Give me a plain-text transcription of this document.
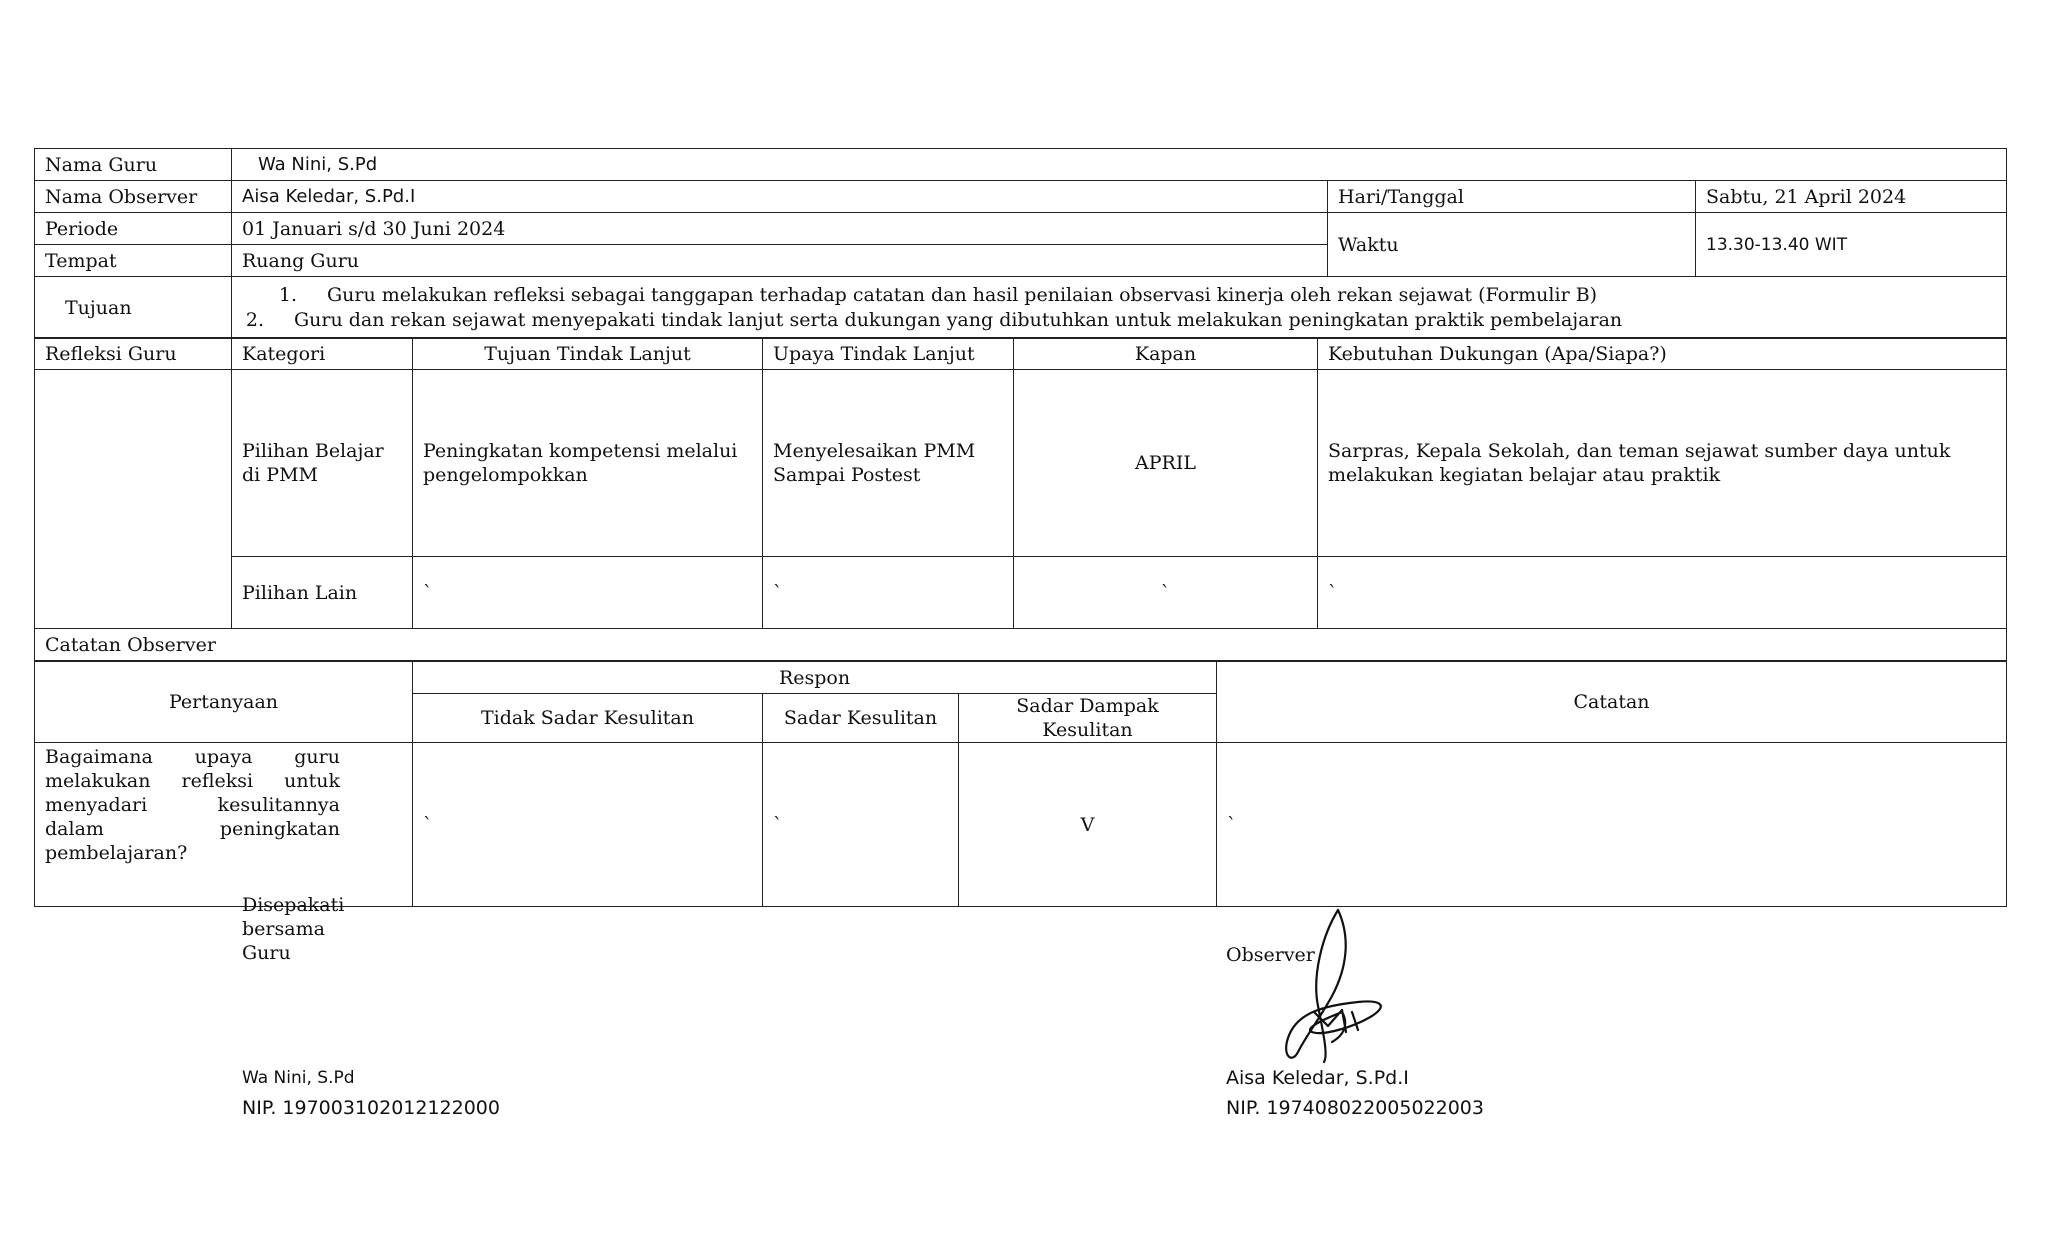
Nama Guru	Wa Nini, S.Pd		
Nama Observer	Aisa Keledar, S.Pd.I	Hari/Tanggal	Sabtu, 21 April 2024
Periode	01 Januari s/d 30 Juni 2024	Waktu	13.30-13.40 WIT
Tempat	Ruang Guru		
Tujuan	1. Guru melakukan refleksi sebagai tanggapan terhadap catatan dan hasil penilaian observasi kinerja oleh rekan sejawat (Formulir B)
2. Guru dan rekan sejawat menyepakati tindak lanjut serta dukungan yang dibutuhkan untuk melakukan peningkatan praktik pembelajaran		
Refleksi Guru	Kategori	Tujuan Tindak Lanjut	Upaya Tindak Lanjut	Kapan	Kebutuhan Dukungan (Apa/Siapa?)
	Pilihan Belajar di PMM	Peningkatan kompetensi melalui pengelompokkan	Menyelesaikan PMM Sampai Postest	APRIL	Sarpras, Kepala Sekolah, dan teman sejawat sumber daya untuk melakukan kegiatan belajar atau praktik
	Pilihan Lain	`	`	`	`
Catatan Observer					
Pertanyaan	Respon			Catatan
	Tidak Sadar Kesulitan	Sadar Kesulitan	Sadar Dampak Kesulitan	

Bagaimana upaya guru melakukan refleksi untuk menyadari kesulitannya dalam peningkatan pembelajaran?	`	`	V	`
Disepakati
bersama
Guru
Wa Nini, S.Pd
NIP. 197003102012122000
Observer
Aisa Keledar, S.Pd.I
NIP. 197408022005022003
